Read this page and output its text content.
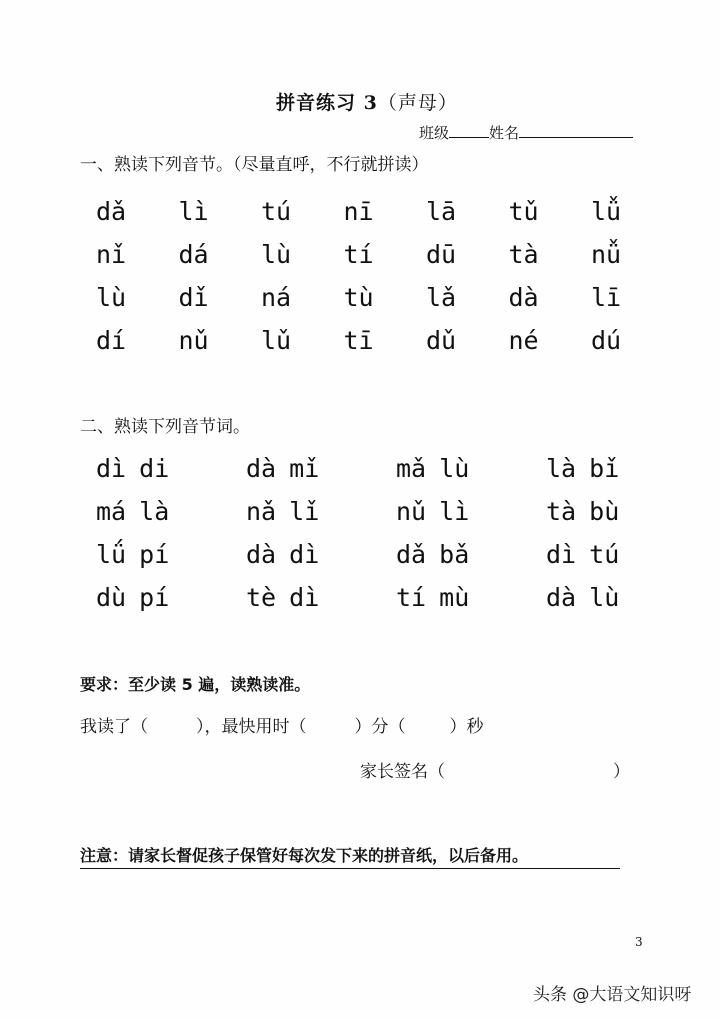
拼音练习 3（声母）
班级	姓名
一、熟读下列音节。（尽量直呼，不行就拼读）
dǎ	lì	tú	nī	lā	tǔ	lǚ
nǐ	dá	lù	tí	dū	tà	nǚ
lù	dǐ	ná	tù	lǎ	dà	lī
dí	nǔ	lǔ	tī	dǔ	né	dú
二、熟读下列音节词。
dì di	dà mǐ	mǎ lù	là bǐ
má là	nǎ lǐ	nǔ lì	tà bù
lǘ pí	dà dì	dǎ bǎ	dì tú
dù pí	tè dì	tí mù	dà lù
要求：至少读 5 遍，读熟读准。
我读了（	），最快用时（	）分（	）秒
家长签名（	）
注意：请家长督促孩子保管好每次发下来的拼音纸，以后备用。
3
头条 @大语文知识呀
